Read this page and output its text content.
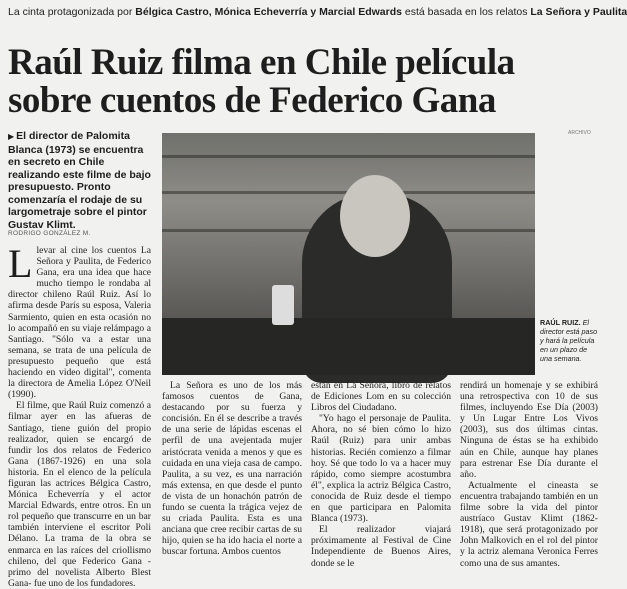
La cinta protagonizada por Bélgica Castro, Mónica Echeverría y Marcial Edwards está basada en los relatos La Señora y Paulita
Raúl Ruiz filma en Chile película
sobre cuentos de Federico Gana
▶ El director de Palomita Blanca (1973) se encuentra en secreto en Chile realizando este filme de bajo presupuesto. Pronto comenzaría el rodaje de su largometraje sobre el pintor Gustav Klimt.
RODRIGO GONZÁLEZ M.
ARCHIVO
RAÚL RUIZ. El director está paso y hará la película en un plazo de una semana.

Llevar al cine los cuentos La Señora y Paulita, de Federico Gana, era una idea que hace mucho tiempo le rondaba al director chileno Raúl Ruiz. Así lo afirma desde París su esposa, Valeria Sarmiento, quien en esta ocasión no lo acompañó en su viaje relámpago a Santiago. "Sólo va a estar una semana, se trata de una película de presupuesto pequeño que está haciendo en video digital", comenta la directora de Amelia López O'Neil (1990).

El filme, que Raúl Ruiz comenzó a filmar ayer en las afueras de Santiago, tiene guión del propio realizador, quien se encargó de fundir los dos relatos de Federico Gana (1867-1926) en una sola historia. En el elenco de la película figuran las actrices Bélgica Castro, Mónica Echeverría y el actor Marcial Edwards, entre otros. En un rol pequeño que transcurre en un bar también interviene el escritor Poli Délano. La trama de la obra se enmarca en las raíces del criollismo chileno, del que Federico Gana -primo del novelista Alberto Blest Gana- fue uno de los fundadores.

La Señora es uno de los más famosos cuentos de Gana, destacando por su fuerza y concisión. En él se describe a través de una serie de lápidas escenas el perfil de una avejentada mujer aristócrata venida a menos y que es cuidada en una vieja casa de campo. Paulita, a su vez, es una narración más extensa, en que desde el punto de vista de un honachón patrón de fundo se cuenta la trágica vejez de su criada Paulita. Esta es una anciana que cree recibir cartas de su hijo, quien se ha ido hacia el norte a buscar fortuna. Ambos cuentos

están en La Señora, libro de relatos de Ediciones Lom en su colección Libros del Ciudadano.

"Yo hago el personaje de Paulita. Ahora, no sé bien cómo lo hizo Raúl (Ruiz) para unir ambas historias. Recién comienzo a filmar hoy. Sé que todo lo va a hacer muy rápido, como siempre acostumbra él", explica la actriz Bélgica Castro, conocida de Ruiz desde el tiempo en que participara en Palomita Blanca (1973).

El realizador viajará próximamente al Festival de Cine Independiente de Buenos Aires, donde se le

rendirá un homenaje y se exhibirá una retrospectiva con 10 de sus filmes, incluyendo Ese Día (2003) y Un Lugar Entre Los Vivos (2003), sus dos últimas cintas. Ninguna de éstas se ha exhibido aún en Chile, aunque hay planes para estrenar Ese Día durante el año.

Actualmente el cineasta se encuentra trabajando también en un filme sobre la vida del pintor austríaco Gustav Klimt (1862-1918), que será protagonizado por John Malkovich en el rol del pintor y la actriz alemana Veronica Ferres como una de sus amantes.
